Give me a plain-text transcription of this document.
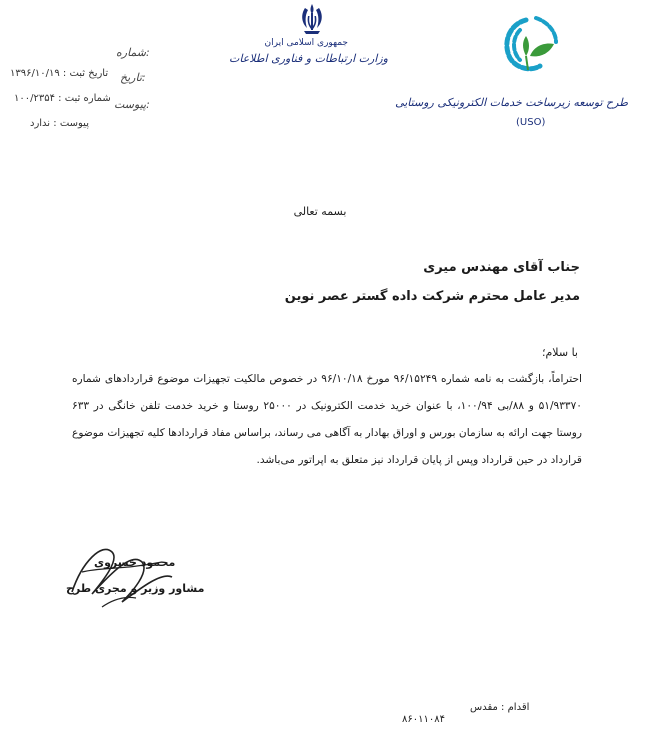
شماره:
تاریخ:
پیوست:
تاریخ ثبت : ۱۳۹۶/۱۰/۱۹
شماره ثبت : ۱۰۰/۲۳۵۴
پیوست : ندارد
جمهوری اسلامی ایران
وزارت ارتباطات و فناوری اطلاعات
طرح توسعه زیرساخت خدمات الکترونیکی روستایی
(USO)
بسمه تعالی
جناب آقای مهندس میری
مدیر عامل محترم شرکت داده گستر عصر نوین
با سلام؛
احتراماً، بازگشت به نامه شماره ۹۶/۱۵۲۴۹ مورخ ۹۶/۱۰/۱۸ در خصوص مالکیت تجهیزات موضوع قراردادهای شماره ۵۱/۹۳۳۷۰ و ۸۸/بی ۱۰۰/۹۴، با عنوان خرید خدمت الکترونیک در ۲۵۰۰۰ روستا و خرید خدمت تلفن خانگی در ۶۳۳ روستا جهت ارائه به سازمان بورس و اوراق بهادار به آگاهی می رساند، براساس مفاد قراردادها کلیه تجهیزات موضوع قرارداد در حین قرارداد وپس از پایان قرارداد نیز متعلق به اپراتور می‌باشد.
محمود خسروی
مشاور وزیر و مجری طرح
اقدام : مقدس
۸۶۰۱۱۰۸۴
